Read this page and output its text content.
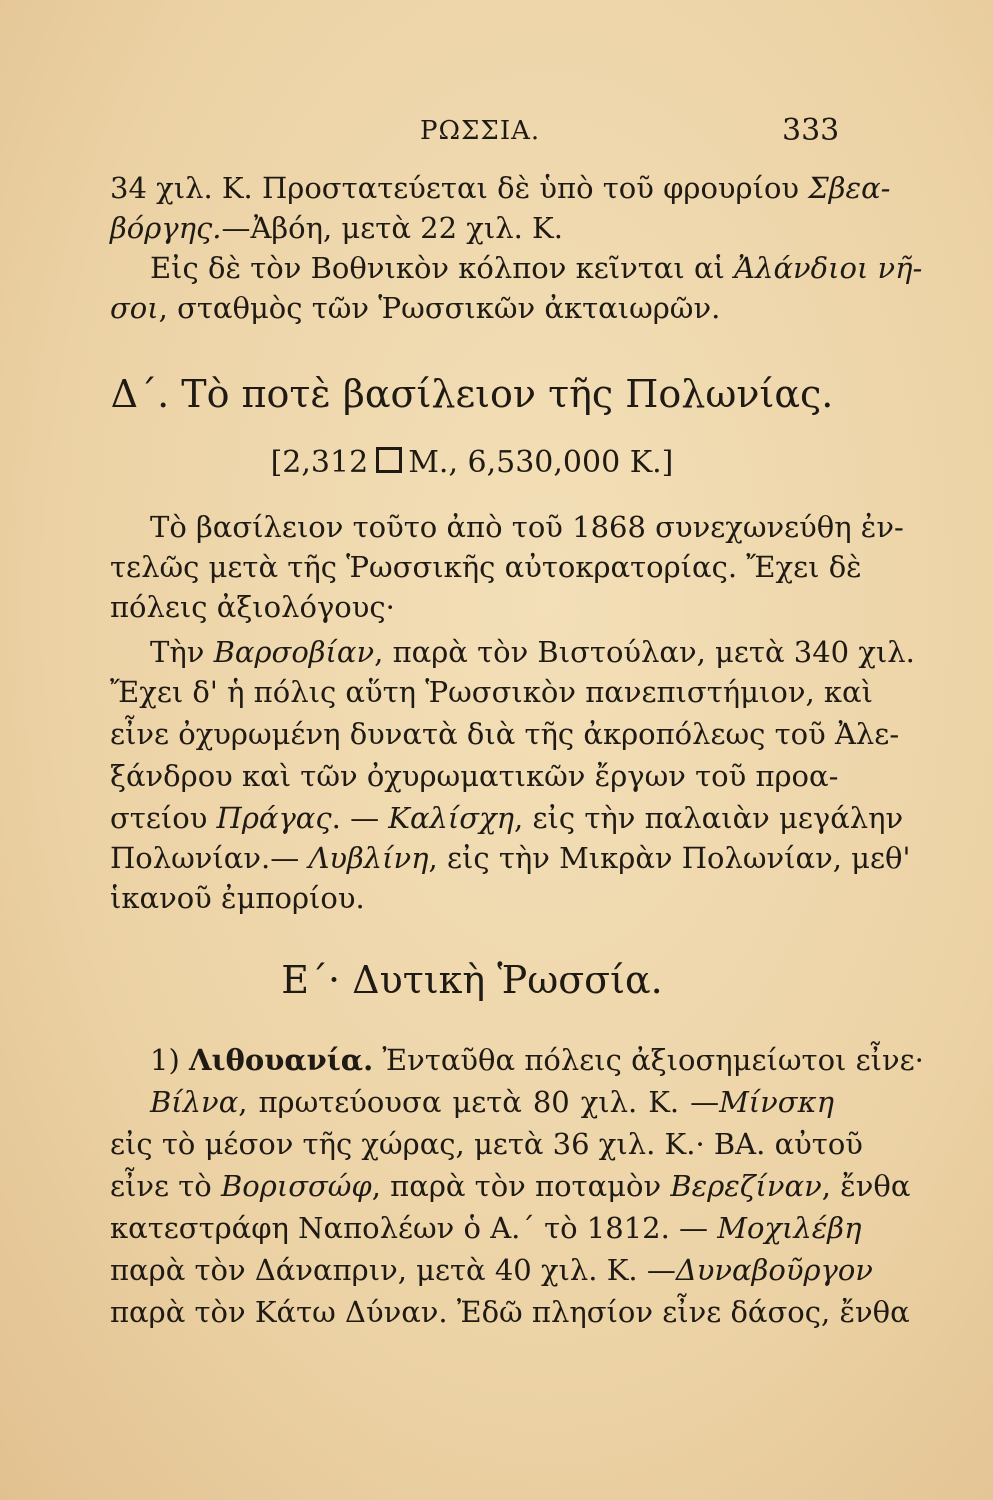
ΡΩΣΣΙΑ.	333
34 χιλ. Κ. Προστατεύεται δὲ ὑπὸ τοῦ φρουρίου Σβεα-
βόργης.—Ἀβόη, μετὰ 22 χιλ. Κ.
Εἰς δὲ τὸν Βοθνικὸν κόλπον κεῖνται αἱ Ἀλάνδιοι νῆ-
σοι, σταθμὸς τῶν Ῥωσσικῶν ἀκταιωρῶν.
Δ΄. Τὸ ποτὲ βασίλειον τῆς Πολωνίας.
[2,312 Μ., 6,530,000 Κ.]
Τὸ βασίλειον τοῦτο ἀπὸ τοῦ 1868 συνεχωνεύθη ἐν-
τελῶς μετὰ τῆς Ῥωσσικῆς αὐτοκρατορίας. Ἔχει δὲ
πόλεις ἀξιολόγους·
Τὴν Βαρσοβίαν, παρὰ τὸν Βιστούλαν, μετὰ 340 χιλ.
Ἔχει δ' ἡ πόλις αὕτη Ῥωσσικὸν πανεπιστήμιον, καὶ
εἶνε ὀχυρωμένη δυνατὰ διὰ τῆς ἀκροπόλεως τοῦ Ἀλε-
ξάνδρου καὶ τῶν ὀχυρωματικῶν ἔργων τοῦ προα-
στείου Πράγας. — Καλίσχη, εἰς τὴν παλαιὰν μεγάλην
Πολωνίαν.— Λυβλίνη, εἰς τὴν Μικρὰν Πολωνίαν, μεθ'
ἱκανοῦ ἐμπορίου.
Ε΄· Δυτικὴ Ῥωσσία.
1) Λιθουανία. Ἐνταῦθα πόλεις ἀξιοσημείωτοι εἶνε·
Βίλνα, πρωτεύουσα μετὰ 80 χιλ. Κ. —Μίνσκη
εἰς τὸ μέσον τῆς χώρας, μετὰ 36 χιλ. Κ.· ΒΑ. αὐτοῦ
εἶνε τὸ Βορισσώφ, παρὰ τὸν ποταμὸν Βερεζίναν, ἔνθα
κατεστράφη Ναπολέων ὁ Α.΄ τὸ 1812. — Μοχιλέβη
παρὰ τὸν Δάναπριν, μετὰ 40 χιλ. Κ. —Δυναβοῦργον
παρὰ τὸν Κάτω Δύναν. Ἐδῶ πλησίον εἶνε δάσος, ἔνθα
